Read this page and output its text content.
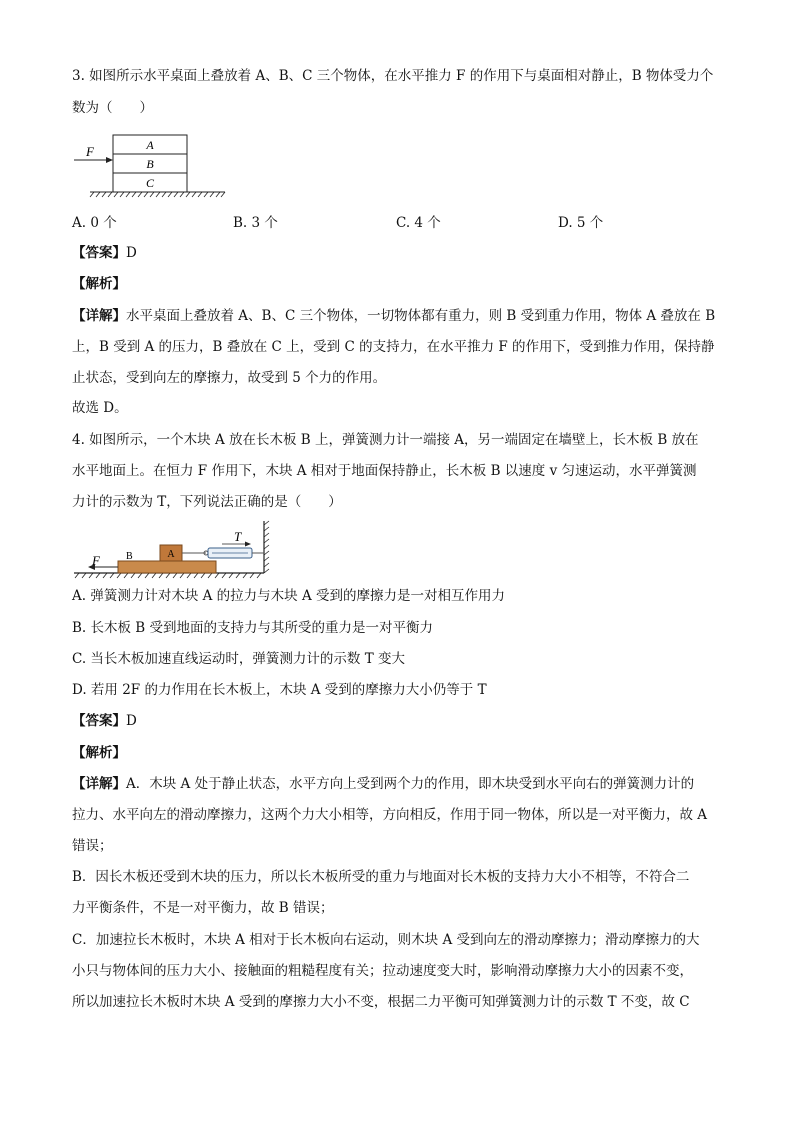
3. 如图所示水平桌面上叠放着 A、B、C 三个物体，在水平推力 F 的作用下与桌面相对静止，B 物体受力个
数为（　　）
A
B
C
F
A. 0 个	B. 3 个	C. 4 个	D. 5 个
【答案】D
【解析】
【详解】水平桌面上叠放着 A、B、C 三个物体，一切物体都有重力，则 B 受到重力作用，物体 A 叠放在 B
上，B 受到 A 的压力，B 叠放在 C 上，受到 C 的支持力，在水平推力 F 的作用下，受到推力作用，保持静
止状态，受到向左的摩擦力，故受到 5 个力的作用。
故选 D。
4. 如图所示，一个木块 A 放在长木板 B 上，弹簧测力计一端接 A，另一端固定在墙壁上，长木板 B 放在
水平地面上。在恒力 F 作用下，木块 A 相对于地面保持静止，长木板 B 以速度 v 匀速运动，水平弹簧测
力计的示数为 T，下列说法正确的是（　　）
B	A
T
F
A. 弹簧测力计对木块 A 的拉力与木块 A 受到的摩擦力是一对相互作用力
B. 长木板 B 受到地面的支持力与其所受的重力是一对平衡力
C. 当长木板加速直线运动时，弹簧测力计的示数 T 变大
D. 若用 2F 的力作用在长木板上，木块 A 受到的摩擦力大小仍等于 T
【答案】D
【解析】
【详解】A．木块 A 处于静止状态，水平方向上受到两个力的作用，即木块受到水平向右的弹簧测力计的
拉力、水平向左的滑动摩擦力，这两个力大小相等，方向相反，作用于同一物体，所以是一对平衡力，故 A
错误；
B．因长木板还受到木块的压力，所以长木板所受的重力与地面对长木板的支持力大小不相等，不符合二
力平衡条件，不是一对平衡力，故 B 错误；
C．加速拉长木板时，木块 A 相对于长木板向右运动，则木块 A 受到向左的滑动摩擦力；滑动摩擦力的大
小只与物体间的压力大小、接触面的粗糙程度有关；拉动速度变大时，影响滑动摩擦力大小的因素不变，
所以加速拉长木板时木块 A 受到的摩擦力大小不变，根据二力平衡可知弹簧测力计的示数 T 不变，故 C
